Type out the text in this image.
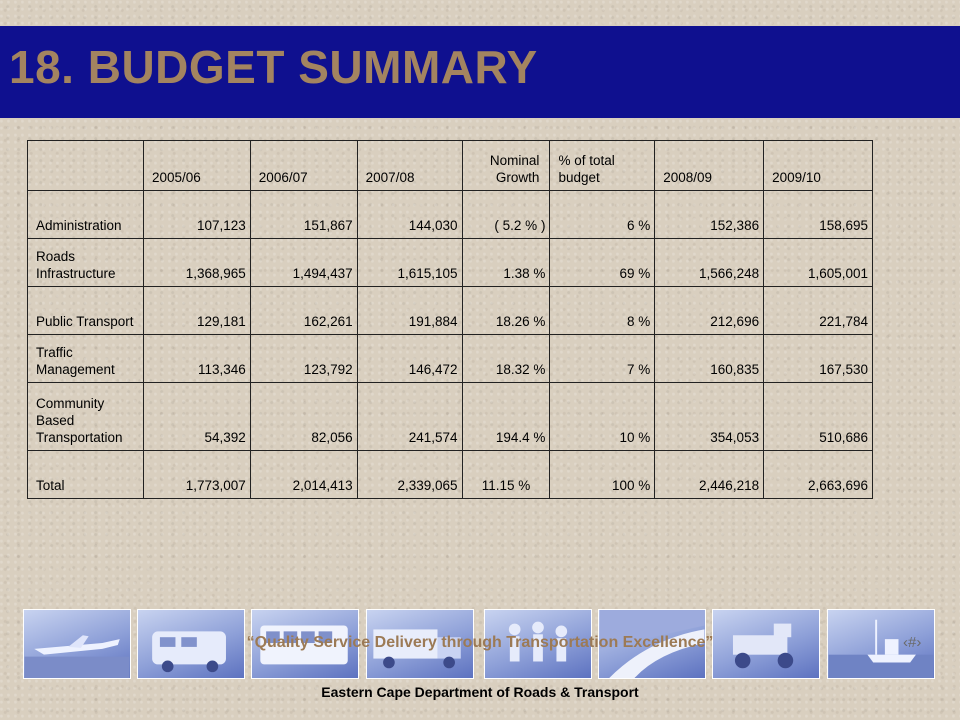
18. BUDGET SUMMARY
	2005/06	2006/07	2007/08	Nominal Growth	% of total budget	2008/09	2009/10
Administration	107,123	151,867	144,030	( 5.2 % )	6 %	152,386	158,695
Roads Infrastructure	1,368,965	1,494,437	1,615,105	1.38 %	69 %	1,566,248	1,605,001
Public Transport	129,181	162,261	191,884	18.26 %	8 %	212,696	221,784
Traffic Management	113,346	123,792	146,472	18.32 %	7 %	160,835	167,530
Community Based Transportation	54,392	82,056	241,574	194.4 %	10 %	354,053	510,686
Total	1,773,007	2,014,413	2,339,065	11.15 %	100 %	2,446,218	2,663,696
“Quality Service Delivery through Transportation Excellence”	‹#›
Eastern Cape Department of Roads & Transport
